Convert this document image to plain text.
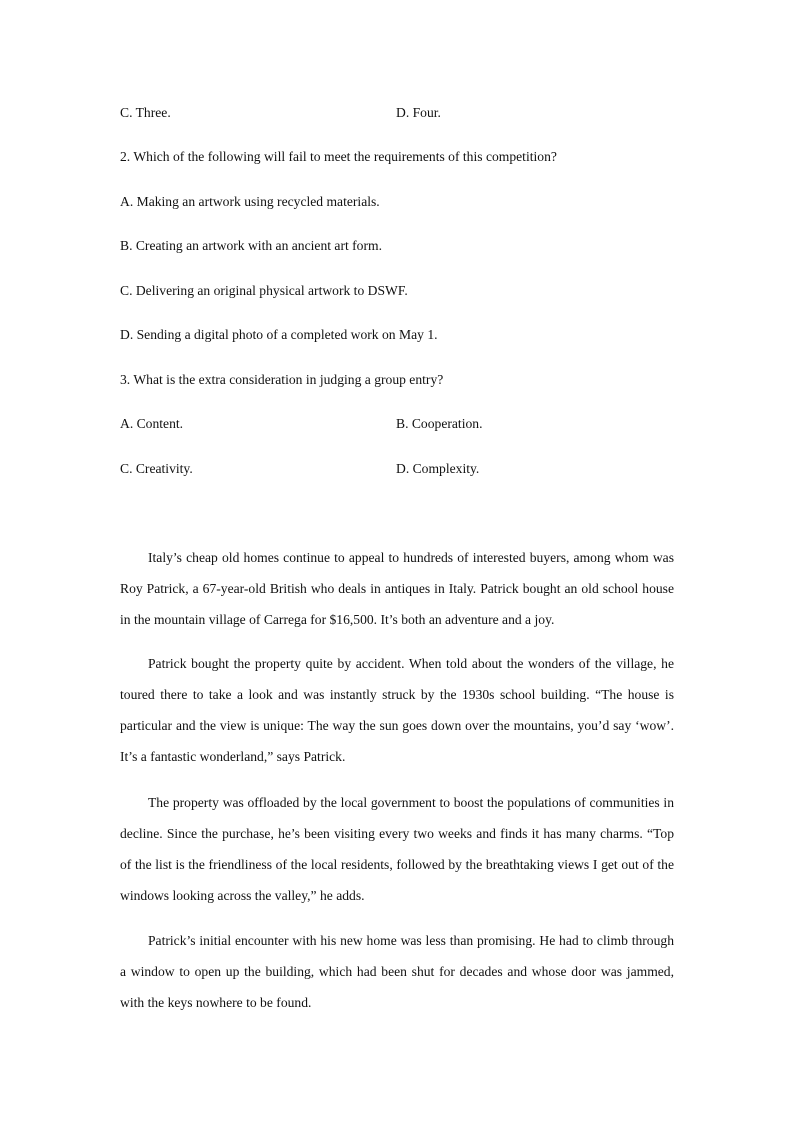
C. Three.	D. Four.
2. Which of the following will fail to meet the requirements of this competition?
A. Making an artwork using recycled materials.
B. Creating an artwork with an ancient art form.
C. Delivering an original physical artwork to DSWF.
D. Sending a digital photo of a completed work on May 1.
3. What is the extra consideration in judging a group entry?
A. Content.	B. Cooperation.
C. Creativity.	D. Complexity.

Italy’s cheap old homes continue to appeal to hundreds of interested buyers, among whom was Roy Patrick, a 67-year-old British who deals in antiques in Italy. Patrick bought an old school house in the mountain village of Carrega for $16,500. It’s both an adventure and a joy.

Patrick bought the property quite by accident. When told about the wonders of the village, he toured there to take a look and was instantly struck by the 1930s school building. “The house is particular and the view is unique: The way the sun goes down over the mountains, you’d say ‘wow’. It’s a fantastic wonderland,” says Patrick.

The property was offloaded by the local government to boost the populations of communities in decline. Since the purchase, he’s been visiting every two weeks and finds it has many charms. “Top of the list is the friendliness of the local residents, followed by the breathtaking views I get out of the windows looking across the valley,” he adds.

Patrick’s initial encounter with his new home was less than promising. He had to climb through a window to open up the building, which had been shut for decades and whose door was jammed, with the keys nowhere to be found.
